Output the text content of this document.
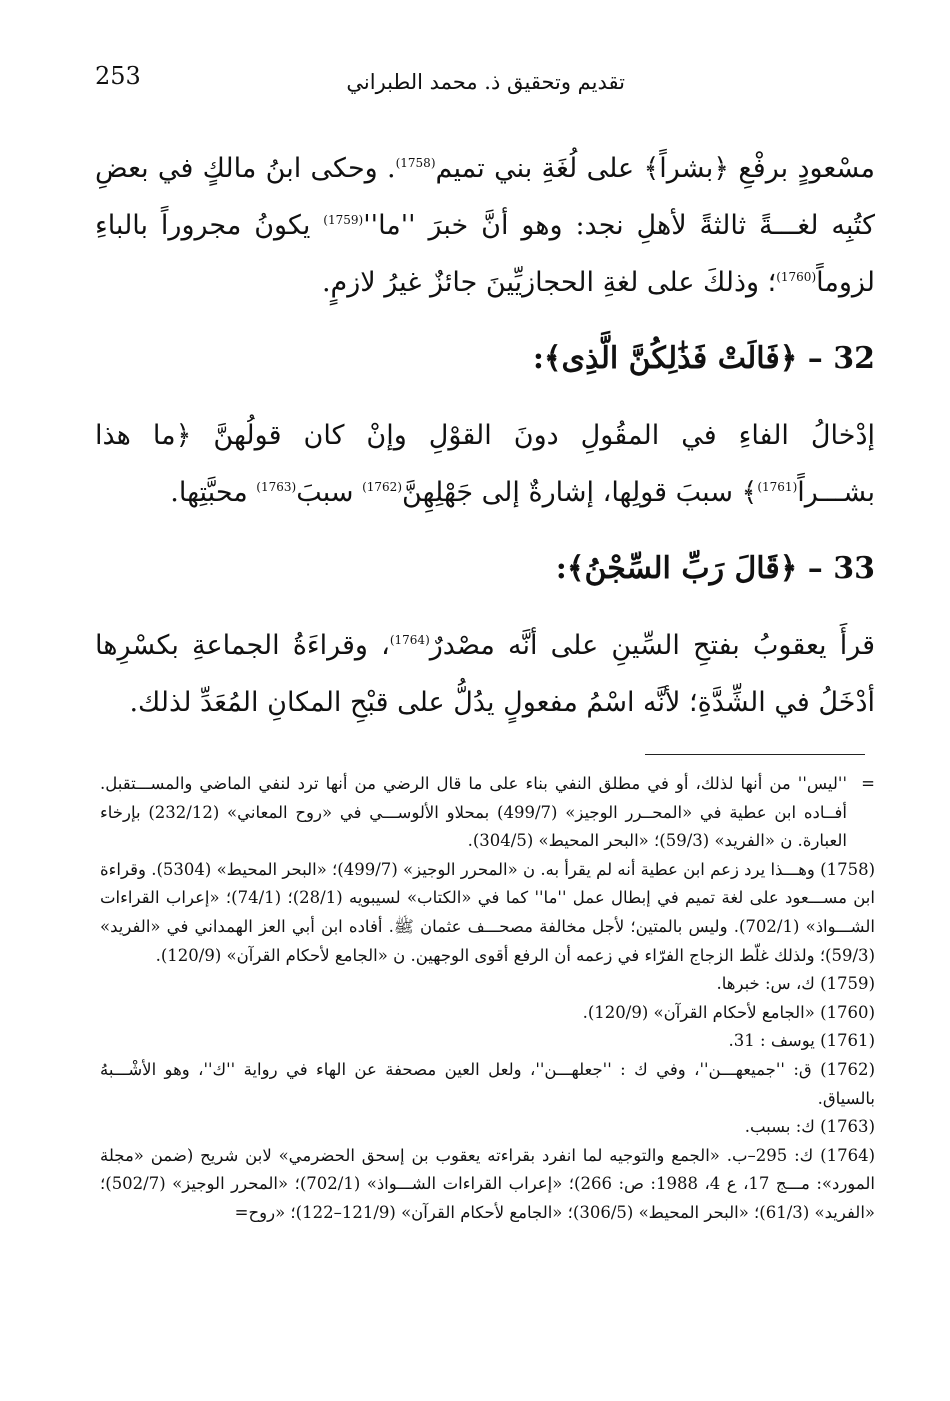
253	تقديم وتحقيق ذ. محمد الطبراني

مسْعودٍ برفْعِ ﴿بشراً﴾ على لُغَةِ بني تميم$^{(1758)}$. وحكى ابنُ مالكٍ في بعضِ كتُبِه لغـــةً ثالثةً لأهلِ نجد: وهو أنَّ خبرَ ''$ما''^{(1759)}$ يكونُ مجروراً بالباءِ لزوماً$^{(1760)}$؛ وذلكَ على لغةِ الحجازيِّينَ جائزٌ غيرُ لازمٍ.

32 – ﴿فَالَتْ فَذَٰلِكُنَّ الَّذِى﴾:

إدْخالُ الفاءِ في المقُولِ دونَ القوْلِ وإنْ كان قولُهنَّ ﴿ما هذا بشـــراً$^{(1761)}$﴾ سببَ قولِها، إشارةٌ إلى جَهْلِهِنَّ$^{(1762)}$ سببَ$^{(1763)}$ محبَّتِها.

33 – ﴿قَالَ رَبِّ السِّجْنُ﴾:

قرأَ يعقوبُ بفتحِ السِّينِ على أنَّه مصْدرٌ$^{(1764)}$، وقراءَةُ الجماعةِ بكسْرِها أدْخَلُ في الشِّدَّةِ؛ لأنَّه اسْمُ مفعولٍ يدُلُّ على قبْحِ المكانِ المُعَدِّ لذلك.

=
''ليس'' من أنها لذلك، أو في مطلق النفي بناء على ما قال الرضي من أنها ترد لنفي الماضي والمســـتقبل. أفــاده ابن عطية في «المحــرر الوجيز» (499/7) بمحلاو الألوســـي في «روح المعاني» (232/12) بإرخاء العبارة. ن «الفريد» (59/3)؛ «البحر المحيط» (304/5).

(1758) وهـــذا يرد زعم ابن عطية أنه لم يقرأ به. ن «المحرر الوجيز» (499/7)؛ «البحر المحيط» (5304). وقراءة ابن مســـعود على لغة تميم في إبطال عمل ''ما'' كما في «الكتاب» لسيبويه (28/1)؛ (74/1)؛ «إعراب القراءات الشـــواذ» (702/1). وليس بالمتين؛ لأجل مخالفة مصحـــف عثمان ﷺ. أفاده ابن أبي العز الهمداني في «الفريد» (59/3)؛ ولذلك غلّط الزجاج الفرّاء في زعمه أن الرفع أقوى الوجهين. ن «الجامع لأحكام القرآن» (120/9).

(1759) ك، س: خبرها.

(1760) «الجامع لأحكام القرآن» (120/9).

(1761) يوسف : 31.

(1762) ق: ''جميعهـــن''، وفي ك : ''جعلهـــن''، ولعل العين مصحفة عن الهاء في رواية ''ك''، وهو الأشْـــبهُ بالسياق.

(1763) ك: بسبب.

(1764) ك: 295–ب. «الجمع والتوجيه لما انفرد بقراءته يعقوب بن إسحق الحضرمي» لابن شريح (ضمن «مجلة المورد»: مـــج 17، ع 4، 1988: ص: 266)؛ «إعراب القراءات الشـــواذ» (702/1)؛ «المحرر الوجيز» (502/7)؛ «الفريد» (61/3)؛ «البحر المحيط» (306/5)؛ «الجامع لأحكام القرآن» (121/9–122)؛ «روح=
